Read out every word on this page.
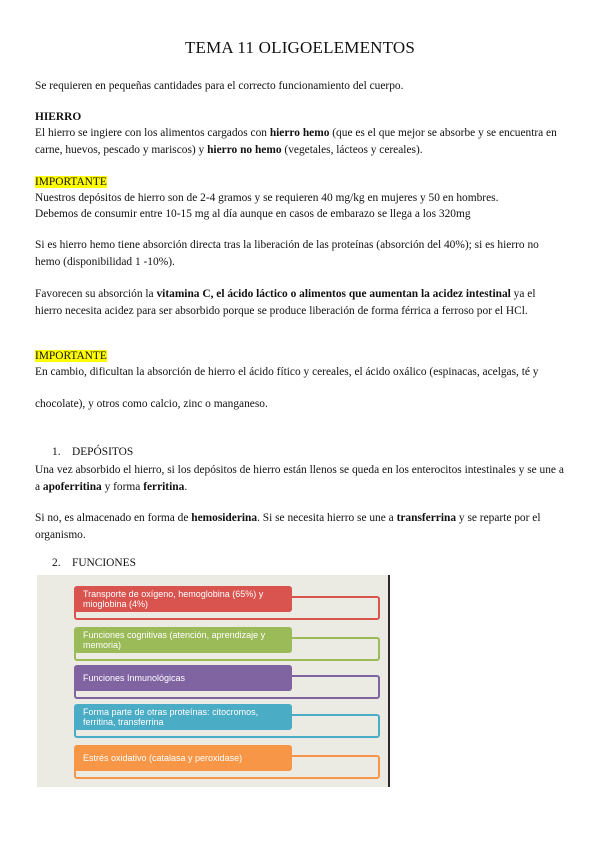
TEMA 11 OLIGOELEMENTOS
Se requieren en pequeñas cantidades para el correcto funcionamiento del cuerpo.
HIERRO
El hierro se ingiere con los alimentos cargados con hierro hemo (que es el que mejor se absorbe y se encuentra en carne, huevos, pescado y mariscos) y hierro no hemo (vegetales, lácteos y cereales).
IMPORTANTE
Nuestros depósitos de hierro son de 2-4 gramos y se requieren 40 mg/kg en mujeres y 50 en hombres.
Debemos de consumir entre 10-15 mg al día aunque en casos de embarazo se llega a los 320mg
Si es hierro hemo tiene absorción directa tras la liberación de las proteínas (absorción del 40%); si es hierro no hemo (disponibilidad 1 -10%).
Favorecen su absorción la vitamina C, el ácido láctico o alimentos que aumentan la acidez intestinal ya el hierro necesita acidez para ser absorbido porque se produce liberación de forma férrica a ferroso por el HCl.
IMPORTANTE
En cambio, dificultan la absorción de hierro el ácido fítico y cereales, el ácido oxálico (espinacas, acelgas, té y
chocolate), y otros como calcio, zinc o manganeso.
1. DEPÓSITOS
Una vez absorbido el hierro, si los depósitos de hierro están llenos se queda en los enterocitos intestinales y se une a a apoferritina y forma ferritina.
Si no, es almacenado en forma de hemosiderina. Si se necesita hierro se une a transferrina y se reparte por el organismo.
2. FUNCIONES
Transporte de oxígeno, hemoglobina (65%) y mioglobina (4%)
Funciones cognitivas (atención, aprendizaje y memoria)
Funciones Inmunológicas
Forma parte de otras proteínas: citocromos, ferritina, transferrina
Estrés oxidativo (catalasa y peroxidase)
